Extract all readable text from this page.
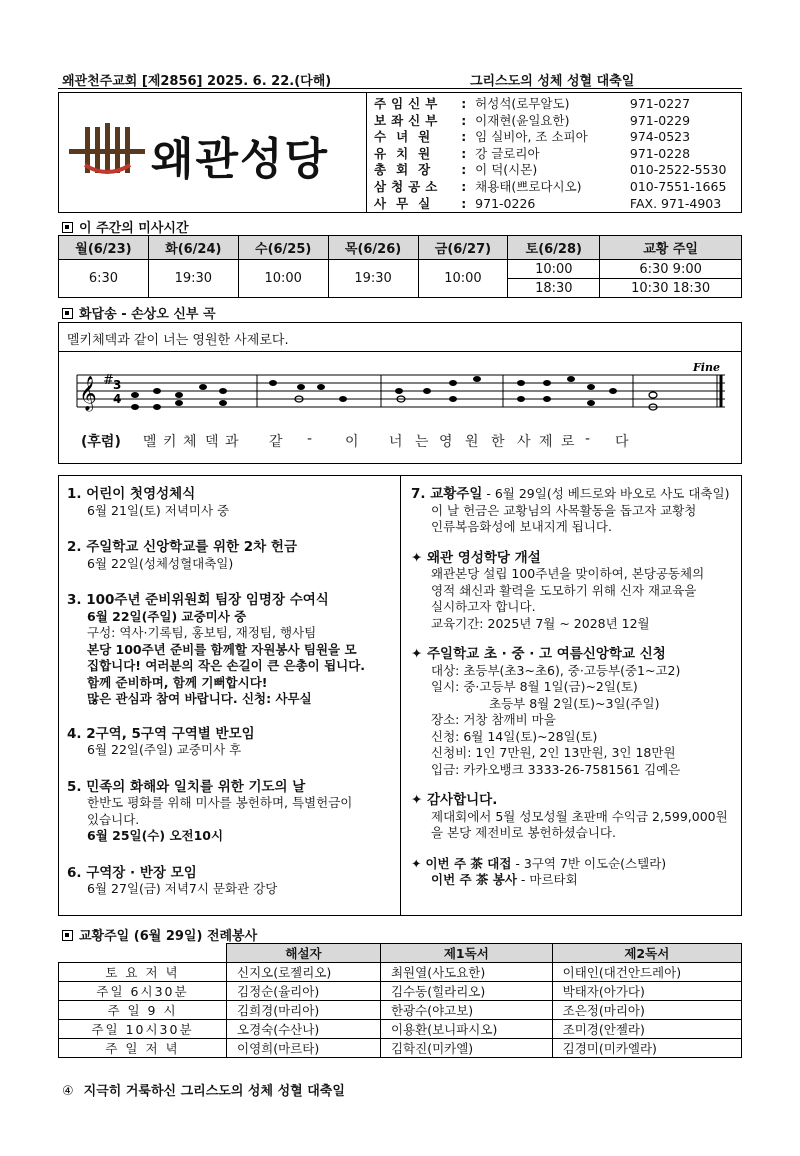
왜관천주교회 [제2856] 2025. 6. 22.(다해)	그리스도의 성체 성혈 대축일
왜관성당
주임신부	: 허성석(로무알도)	971-0227
보좌신부	: 이재현(윤일요한)	971-0229
수녀원	: 임 실비아, 조 소피아	974-0523
유치원	: 강 글로리아	971-0228
총회장	: 이 덕(시몬)	010-2522-5530
삼청공소	: 채용태(쁘로다시오)	010-7551-1665
사무실	: 971-0226	FAX. 971-4903
이 주간의 미사시간
월(6/23)	화(6/24)	수(6/25)	목(6/26)	금(6/27)	토(6/28)	교황 주일
6:30	19:30	10:00	19:30	10:00	10:00	6:30 9:00
					18:30	10:30 18:30
화답송 - 손상오 신부 곡
멜키체덱과 같이 너는 영원한 사제로다.
𝄞 # 3
4
Fine
(후렴) 멜 키 체 덱 과 같 - 이 너 는 영 원 한 사 제 로 - 다
1. 어린이 첫영성체식
6월 21일(토) 저녁미사 중
2. 주일학교 신앙학교를 위한 2차 헌금
6월 22일(성체성혈대축일)
3. 100주년 준비위원회 팀장 임명장 수여식
6월 22일(주일) 교중미사 중
구성: 역사·기록팀, 홍보팀, 재정팀, 행사팀
본당 100주년 준비를 함께할 자원봉사 팀원을 모
집합니다! 여러분의 작은 손길이 큰 은총이 됩니다.
함께 준비하며, 함께 기뻐합시다!
많은 관심과 참여 바랍니다. 신청: 사무실
4. 2구역, 5구역 구역별 반모임
6월 22일(주일) 교중미사 후
5. 민족의 화해와 일치를 위한 기도의 날
한반도 평화를 위해 미사를 봉헌하며, 특별헌금이
있습니다.
6월 25일(수) 오전10시
6. 구역장 · 반장 모임
6월 27일(금) 저녁7시 문화관 강당
7. 교황주일 - 6월 29일(성 베드로와 바오로 사도 대축일)
이 날 헌금은 교황님의 사목활동을 돕고자 교황청
인류복음화성에 보내지게 됩니다.
✦ 왜관 영성학당 개설
왜관본당 설립 100주년을 맞이하여, 본당공동체의
영적 쇄신과 활력을 도모하기 위해 신자 재교육을
실시하고자 합니다.
교육기간: 2025년 7월 ~ 2028년 12월
✦ 주일학교 초 · 중 · 고 여름신앙학교 신청
대상: 초등부(초3~초6), 중·고등부(중1~고2)
일시: 중·고등부 8월 1일(금)~2일(토)
초등부 8월 2일(토)~3일(주일)
장소: 거창 참깨비 마을
신청: 6월 14일(토)~28일(토)
신청비: 1인 7만원, 2인 13만원, 3인 18만원
입금: 카카오뱅크 3333-26-7581561 김예은
✦ 감사합니다.
제대회에서 5월 성모성월 초판매 수익금 2,599,000원
을 본당 제전비로 봉헌하셨습니다.
✦ 이번 주 茶 대접 - 3구역 7반 이도순(스텔라)
이번 주 茶 봉사 - 마르타회
교황주일 (6월 29일) 전례봉사
	해설자	제1독서	제2독서
토 요 저 녁	신지오(로젤리오)	최원열(사도요한)	이태인(대건안드레아)
주일 6시30분	김정순(율리아)	김수동(힐라리오)	박태자(아가다)
주 일 9 시	김희경(마리아)	한광수(야고보)	조은정(마리아)
주일 10시30분	오경숙(수산나)	이용환(보니파시오)	조미경(안젤라)
주 일 저 녁	이영희(마르타)	김학진(미카엘)	김경미(미카엘라)
④ 지극히 거룩하신 그리스도의 성체 성혈 대축일
